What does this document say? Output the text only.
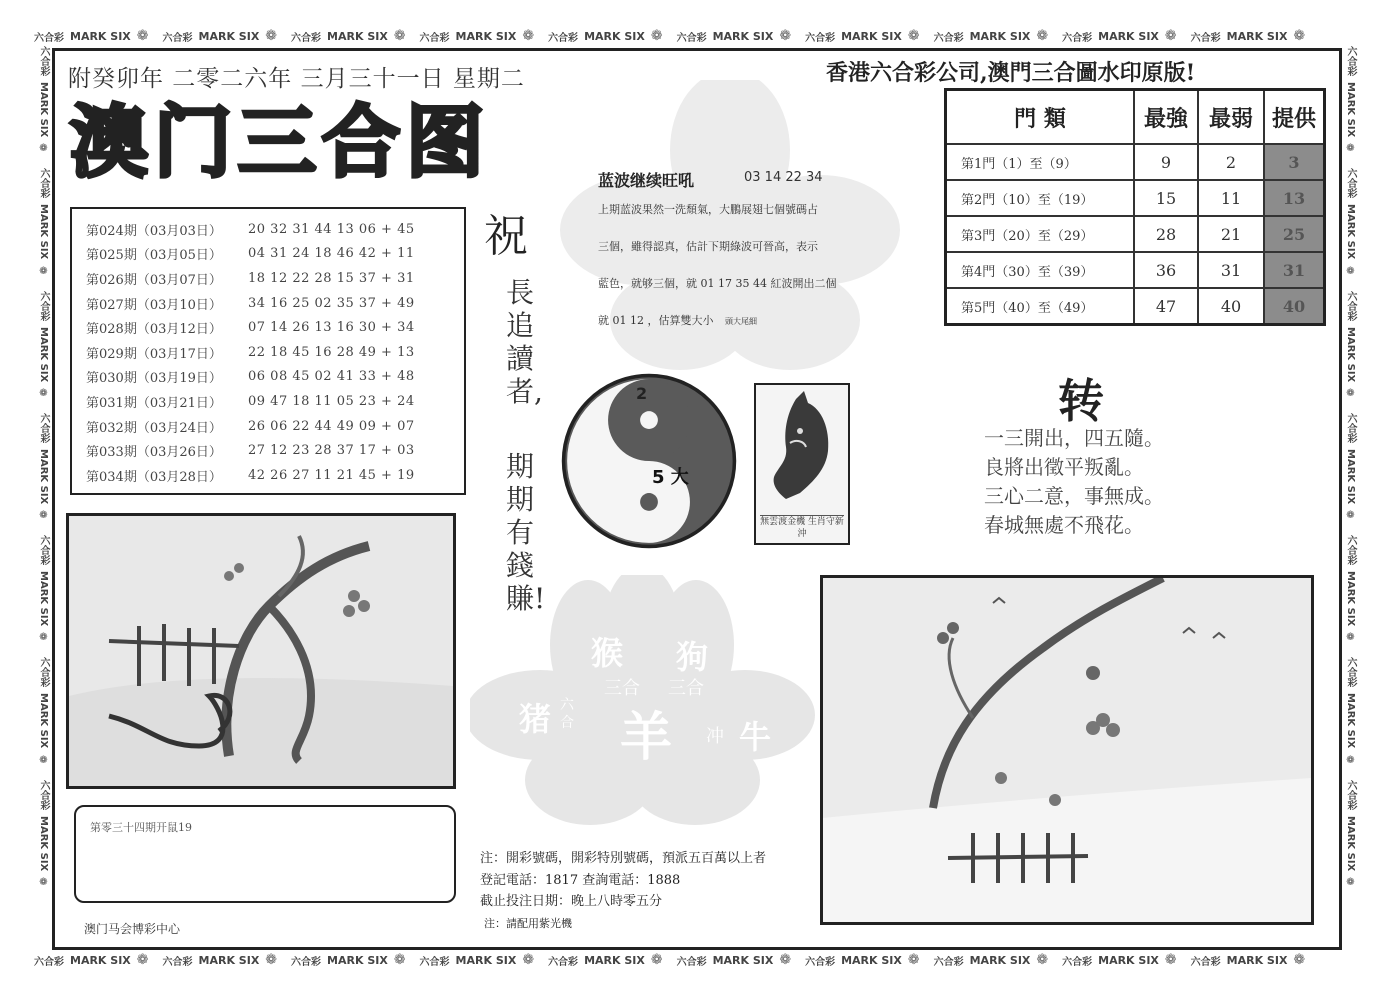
六合彩 MARK SIX ❁ 六合彩 MARK SIX ❁ 六合彩 MARK SIX ❁ 六合彩 MARK SIX ❁ 六合彩 MARK SIX ❁ 六合彩 MARK SIX ❁ 六合彩 MARK SIX ❁ 六合彩 MARK SIX ❁ 六合彩 MARK SIX ❁ 六合彩 MARK SIX ❁
六合彩 MARK SIX ❁ 六合彩 MARK SIX ❁ 六合彩 MARK SIX ❁ 六合彩 MARK SIX ❁ 六合彩 MARK SIX ❁ 六合彩 MARK SIX ❁ 六合彩 MARK SIX ❁ 六合彩 MARK SIX ❁ 六合彩 MARK SIX ❁ 六合彩 MARK SIX ❁
六合彩MARK SIX❁六合彩MARK SIX❁六合彩MARK SIX❁六合彩MARK SIX❁六合彩MARK SIX❁六合彩MARK SIX❁六合彩MARK SIX❁
六合彩MARK SIX❁六合彩MARK SIX❁六合彩MARK SIX❁六合彩MARK SIX❁六合彩MARK SIX❁六合彩MARK SIX❁六合彩MARK SIX❁
附癸卯年 二零二六年 三月三十一日 星期二
澳门三合图
香港六合彩公司,澳門三合圖水印原版!
第024期（03月03日）	20 32 31 44 13 06 + 45
第025期（03月05日）	04 31 24 18 46 42 + 11
第026期（03月07日）	18 12 22 28 15 37 + 31
第027期（03月10日）	34 16 25 02 35 37 + 49
第028期（03月12日）	07 14 26 13 16 30 + 34
第029期（03月17日）	22 18 45 16 28 49 + 13
第030期（03月19日）	06 08 45 02 41 33 + 48
第031期（03月21日）	09 47 18 11 05 23 + 24
第032期（03月24日）	26 06 22 44 49 09 + 07
第033期（03月26日）	27 12 23 28 37 17 + 03
第034期（03月28日）	42 26 27 11 21 45 + 19
祝
長追讀者,
期期有錢賺!
蓝波继续旺吼	03 14 22 34
上期蓝波果然一洗頹氣，大鵬展翅七個號碼占
三個，雖得認真，估計下期綠波可晉高，表示
藍色，就够三個，就 01 17 35 44 紅波開出二個
就 01 12 ，估算雙大小 頭大尾細
2
5 大
無雲渡金機 生肖守新沖
猴 狗
猪 羊 牛
三合 三合
六合
冲
門 類	最強	最弱	提供
第1門（1）至（9）	9	2	3
第2門（10）至（19）	15	11	13
第3門（20）至（29）	28	21	25
第4門（30）至（39）	36	31	31
第5門（40）至（49）	47	40	40
转
一三開出，四五隨。
良將出徵平叛亂。
三心二意，事無成。
春城無處不飛花。
第零三十四期开鼠19
澳门马会博彩中心
注：開彩號碼，開彩特別號碼，預派五百萬以上者
登記電話：1817 查詢電話：1888
截止投注日期：晚上八時零五分
注：請配用紫光機
